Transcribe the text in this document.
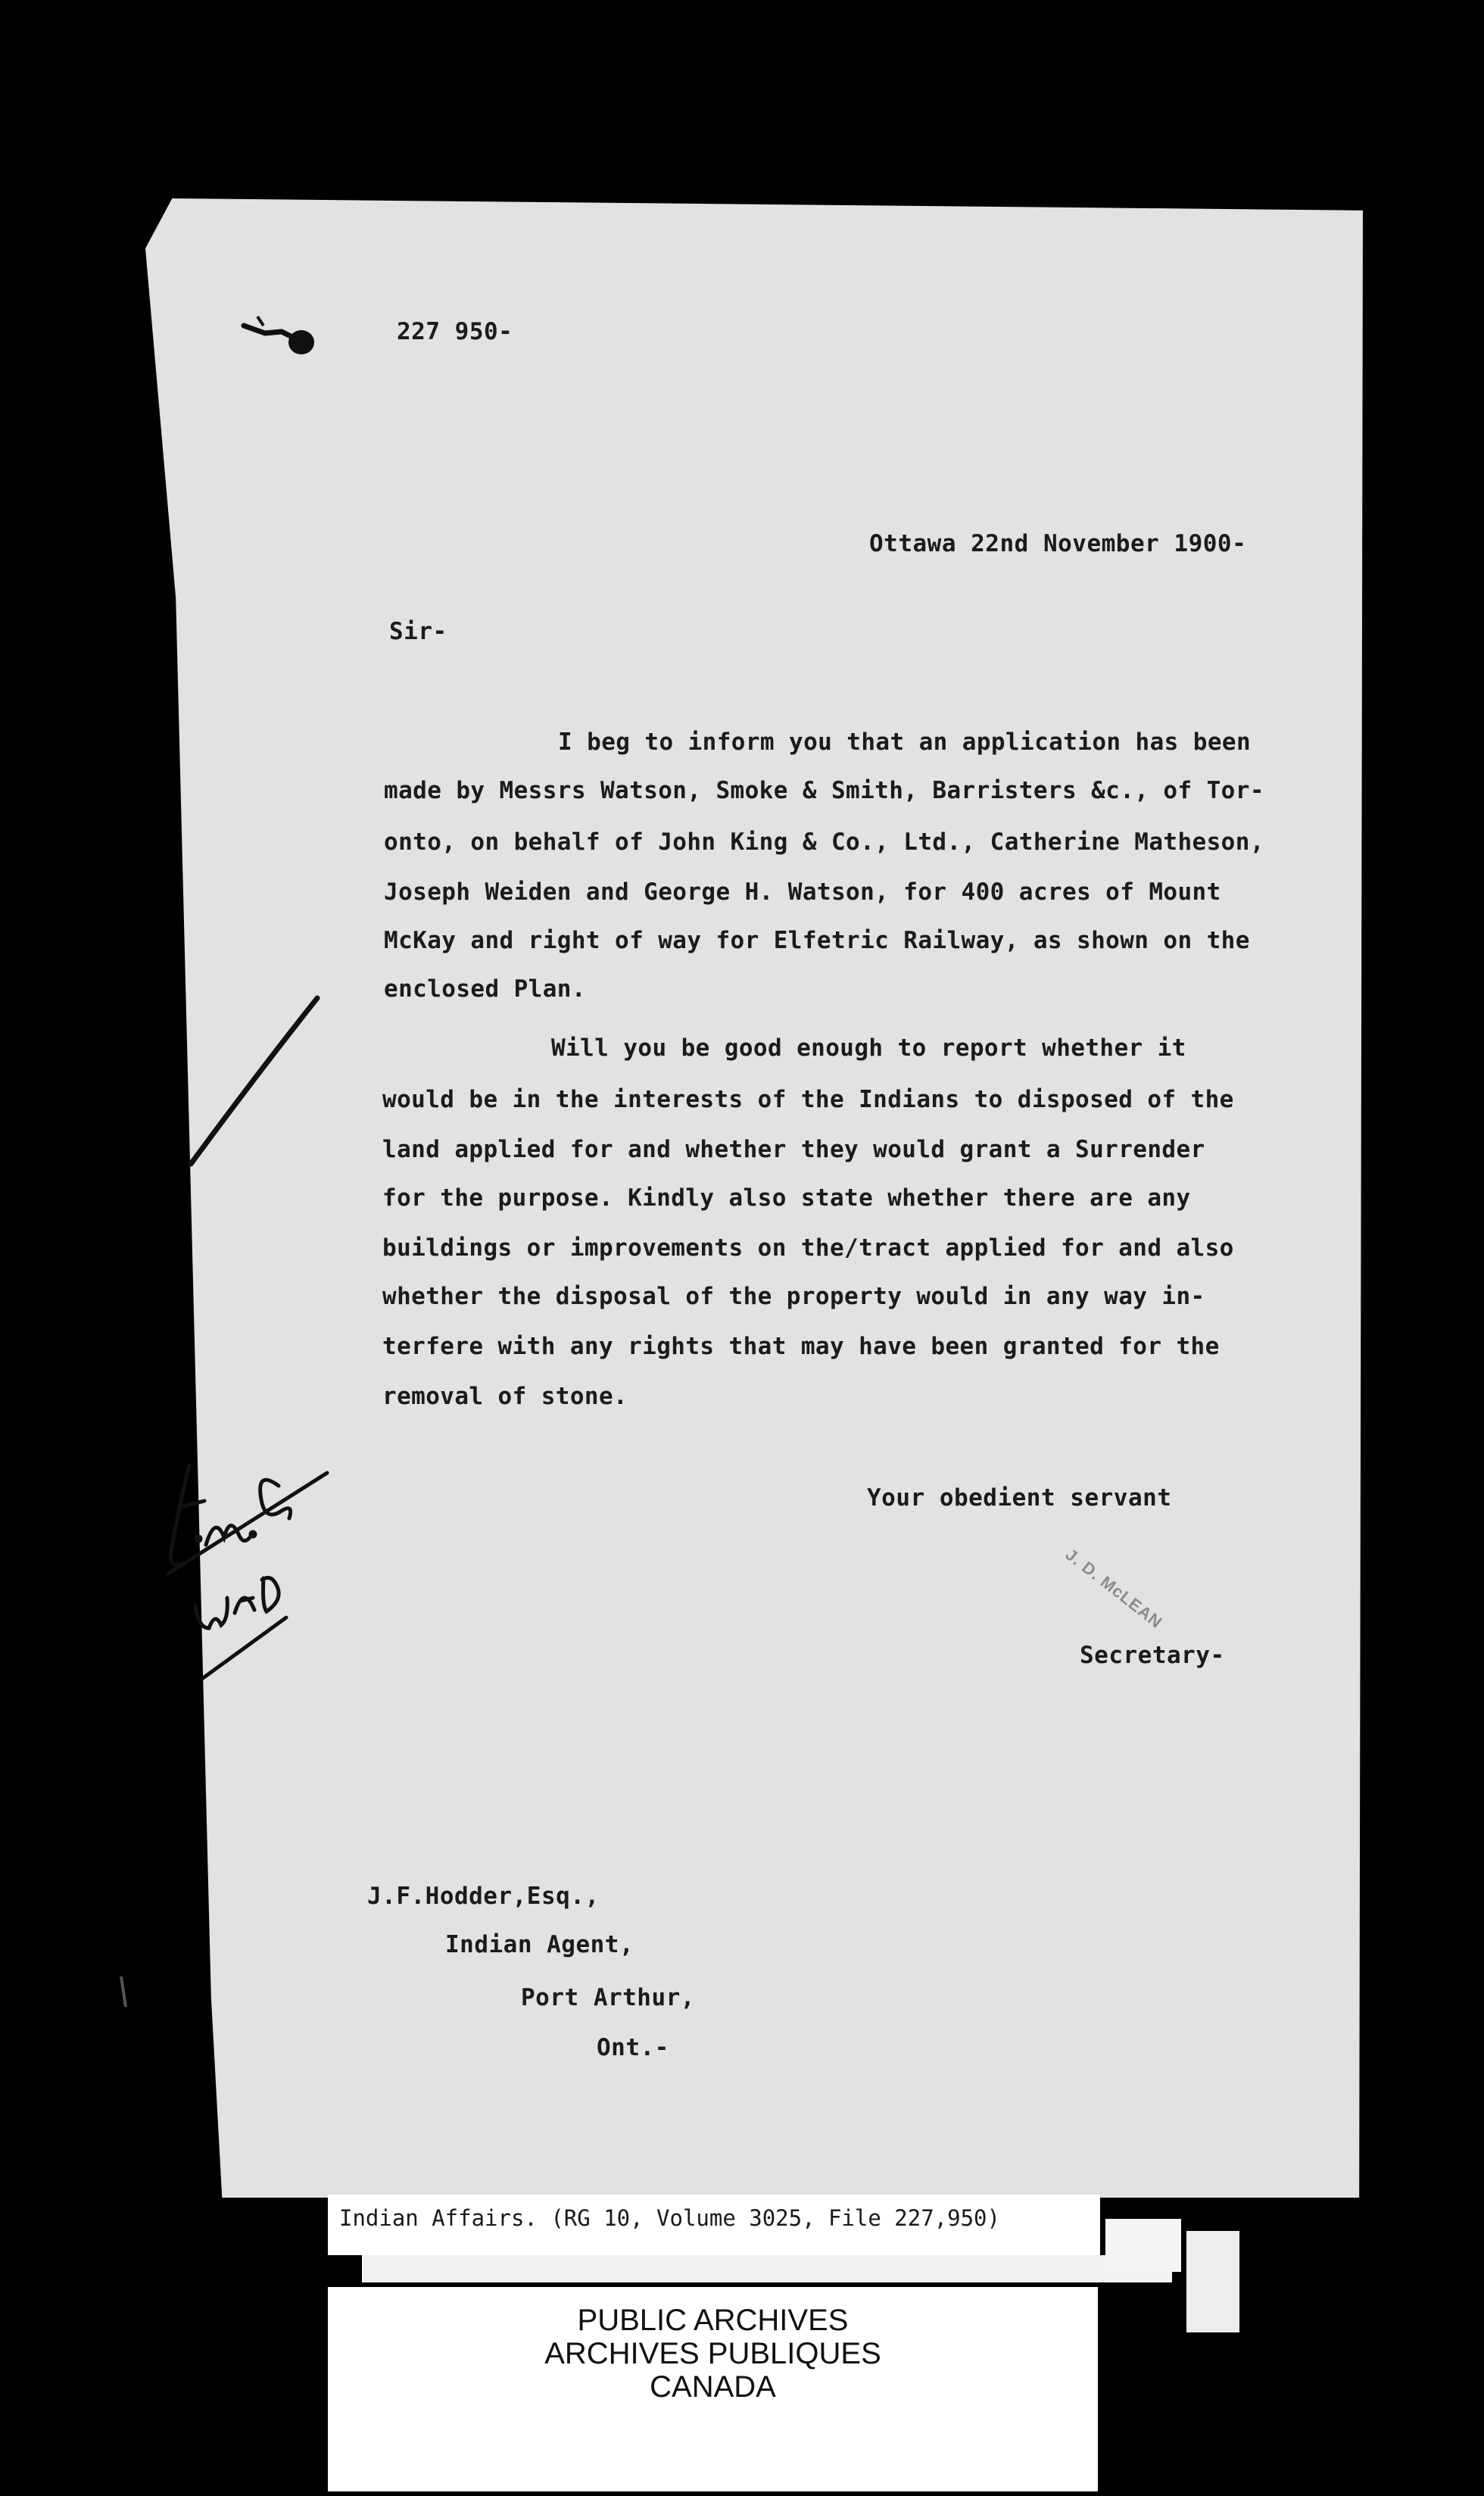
227 950-
Ottawa 22nd November 1900-
Sir-
I beg to inform you that an application has been
made by Messrs Watson, Smoke & Smith, Barristers &c., of Tor-
onto, on behalf of John King & Co., Ltd., Catherine Matheson,
Joseph Weiden and George H. Watson, for 400 acres of Mount
McKay and right of way for Elfetric Railway, as shown on the
enclosed Plan.
Will you be good enough to report whether it
would be in the interests of the Indians to disposed of the
land applied for and whether they would grant a Surrender
for the purpose. Kindly also state whether there are any
buildings or improvements on the/tract applied for and also
whether the disposal of the property would in any way in-
terfere with any rights that may have been granted for the
removal of stone.
Your obedient servant
J. D. McLEAN
Secretary-
J.F.Hodder,Esq.,
Indian Agent,
Port Arthur,
Ont.-
Indian Affairs. (RG 10, Volume 3025, File 227,950)
PUBLIC ARCHIVES
ARCHIVES PUBLIQUES
CANADA
